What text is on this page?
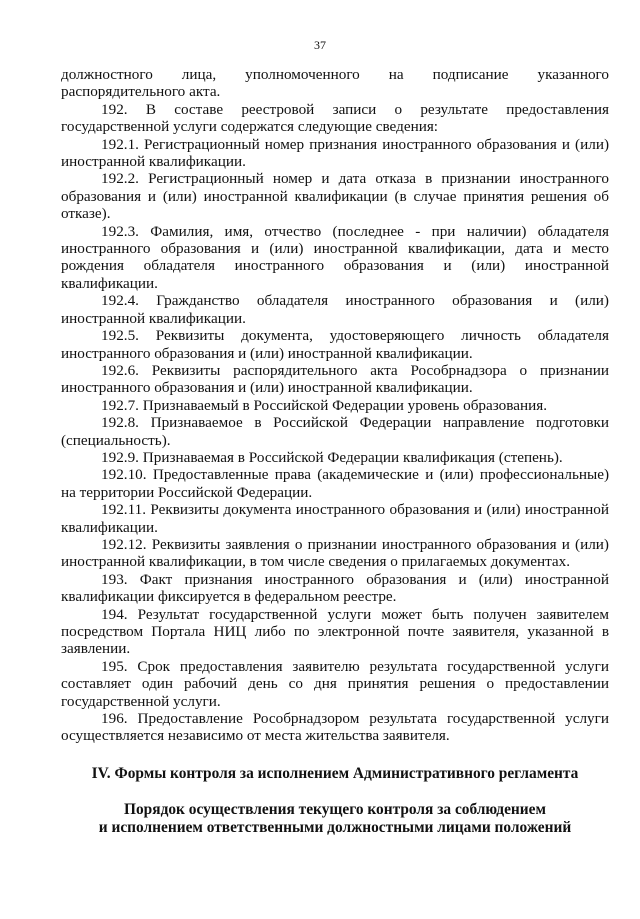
37

должностного лица, уполномоченного на подписание указанного распорядительного акта.

192. В составе реестровой записи о результате предоставления государственной услуги содержатся следующие сведения:

192.1. Регистрационный номер признания иностранного образования и (или) иностранной квалификации.

192.2. Регистрационный номер и дата отказа в признании иностранного образования и (или) иностранной квалификации (в случае принятия решения об отказе).

192.3. Фамилия, имя, отчество (последнее - при наличии) обладателя иностранного образования и (или) иностранной квалификации, дата и место рождения обладателя иностранного образования и (или) иностранной квалификации.

192.4. Гражданство обладателя иностранного образования и (или) иностранной квалификации.

192.5. Реквизиты документа, удостоверяющего личность обладателя иностранного образования и (или) иностранной квалификации.

192.6. Реквизиты распорядительного акта Рособрнадзора о признании иностранного образования и (или) иностранной квалификации.

192.7. Признаваемый в Российской Федерации уровень образования.

192.8. Признаваемое в Российской Федерации направление подготовки (специальность).

192.9. Признаваемая в Российской Федерации квалификация (степень).

192.10. Предоставленные права (академические и (или) профессиональные) на территории Российской Федерации.

192.11. Реквизиты документа иностранного образования и (или) иностранной квалификации.

192.12. Реквизиты заявления о признании иностранного образования и (или) иностранной квалификации, в том числе сведения о прилагаемых документах.

193. Факт признания иностранного образования и (или) иностранной квалификации фиксируется в федеральном реестре.

194. Результат государственной услуги может быть получен заявителем посредством Портала НИЦ либо по электронной почте заявителя, указанной в заявлении.

195. Срок предоставления заявителю результата государственной услуги составляет один рабочий день со дня принятия решения о предоставлении государственной услуги.

196. Предоставление Рособрнадзором результата государственной услуги осуществляется независимо от места жительства заявителя.

IV. Формы контроля за исполнением Административного регламента
Порядок осуществления текущего контроля за соблюдением
и исполнением ответственными должностными лицами положений
